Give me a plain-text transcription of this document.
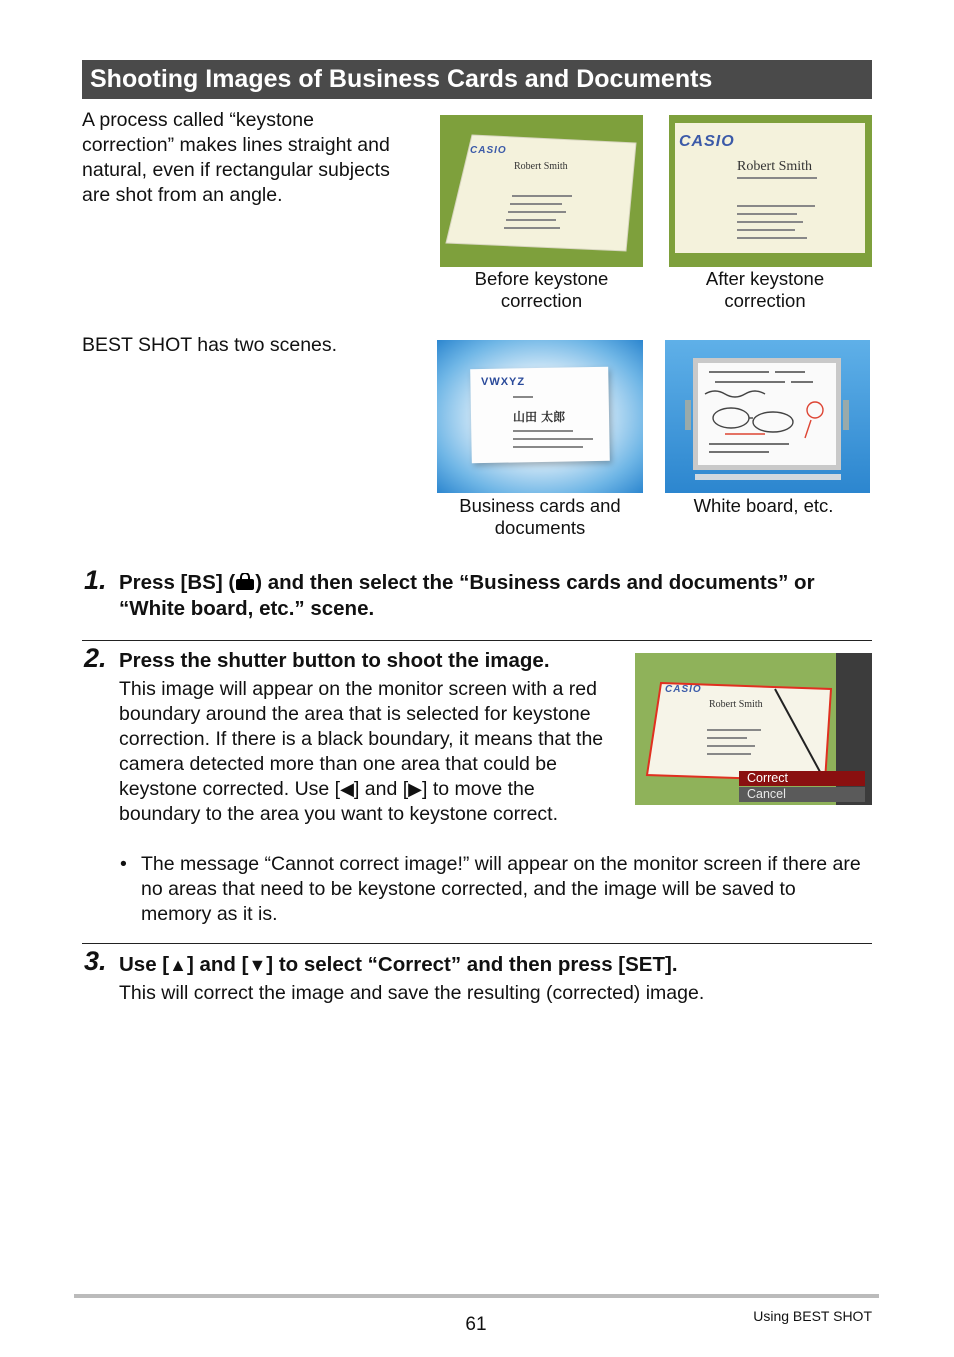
Shooting Images of Business Cards and Documents
A process called “keystone correction” makes lines straight and natural, even if rectangular subjects are shot from an angle.
CASIO
Robert Smith
Before keystone correction
CASIO
Robert Smith
After keystone correction
BEST SHOT has two scenes.
VWXYZ
山田 太郎
Business cards and documents
White board, etc.
1. Press [BS] ( ) and then select the “Business cards and documents” or “White board, etc.” scene.
2. Press the shutter button to shoot the image.
This image will appear on the monitor screen with a red boundary around the area that is selected for keystone correction. If there is a black boundary, it means that the camera detected more than one area that could be keystone corrected. Use [◀] and [▶] to move the boundary to the area you want to keystone correct.
CASIO
Robert Smith
Correct
Cancel
• The message “Cannot correct image!” will appear on the monitor screen if there are no areas that need to be keystone corrected, and the image will be saved to memory as it is.
3. Use [▲] and [▼] to select “Correct” and then press [SET].
This will correct the image and save the resulting (corrected) image.
61	Using BEST SHOT
